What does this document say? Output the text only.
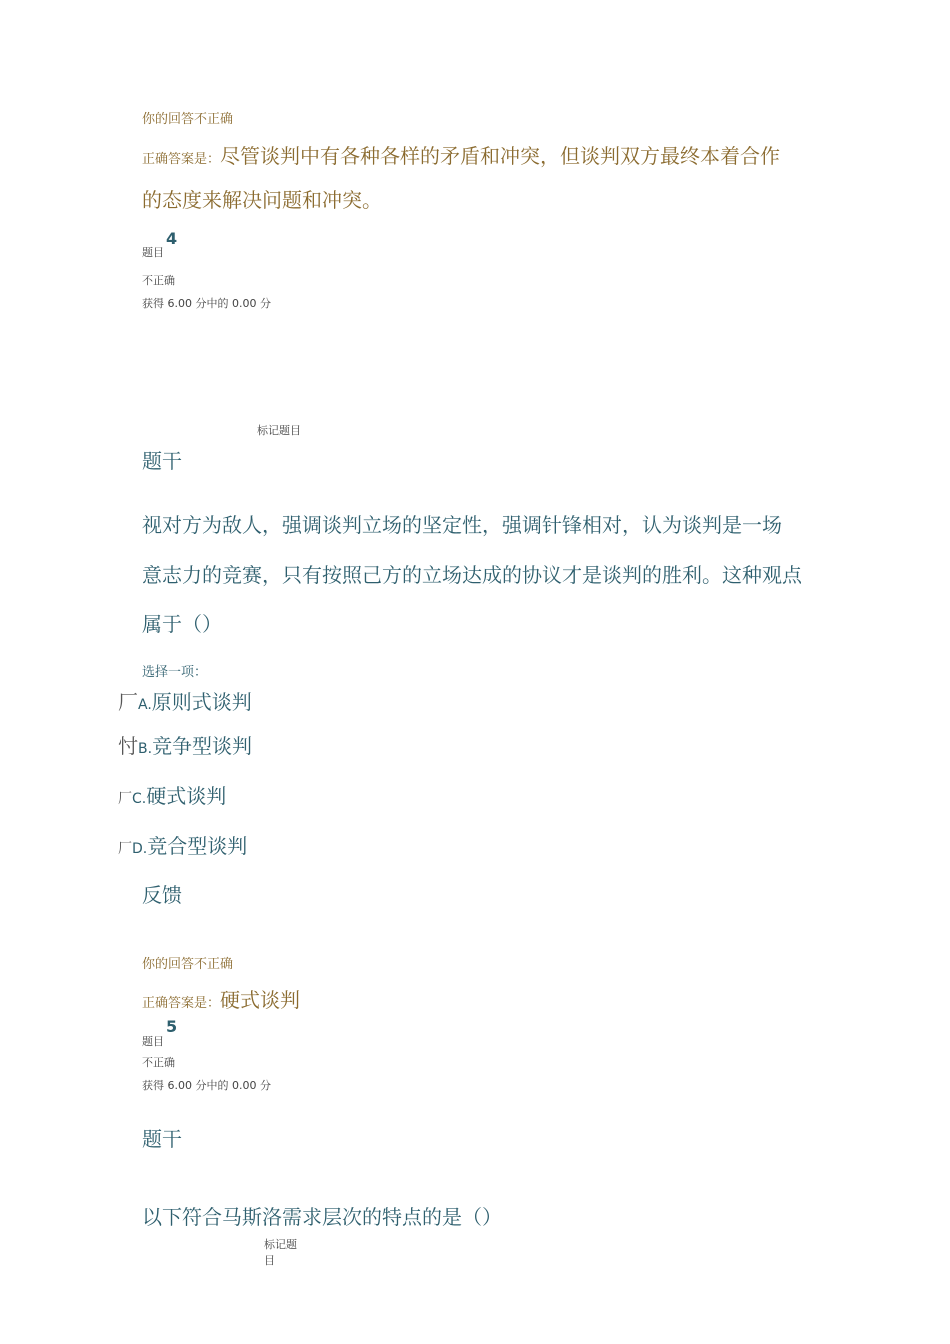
你的回答不正确
正确答案是：尽管谈判中有各种各样的矛盾和冲突，但谈判双方最终本着合作
的态度来解决问题和冲突。
题目
4
不正确
获得 6.00 分中的 0.00 分
标记题目
题干
视对方为敌人，强调谈判立场的坚定性，强调针锋相对，认为谈判是一场
意志力的竞赛，只有按照己方的立场达成的协议才是谈判的胜利。这种观点
属于（）
选择一项：
厂A.原则式谈判
忖B.竞争型谈判
厂C.硬式谈判
厂D.竞合型谈判
反馈
你的回答不正确
正确答案是：硬式谈判
题目
5
不正确
获得 6.00 分中的 0.00 分
题干
以下符合马斯洛需求层次的特点的是（）
标记题
目
